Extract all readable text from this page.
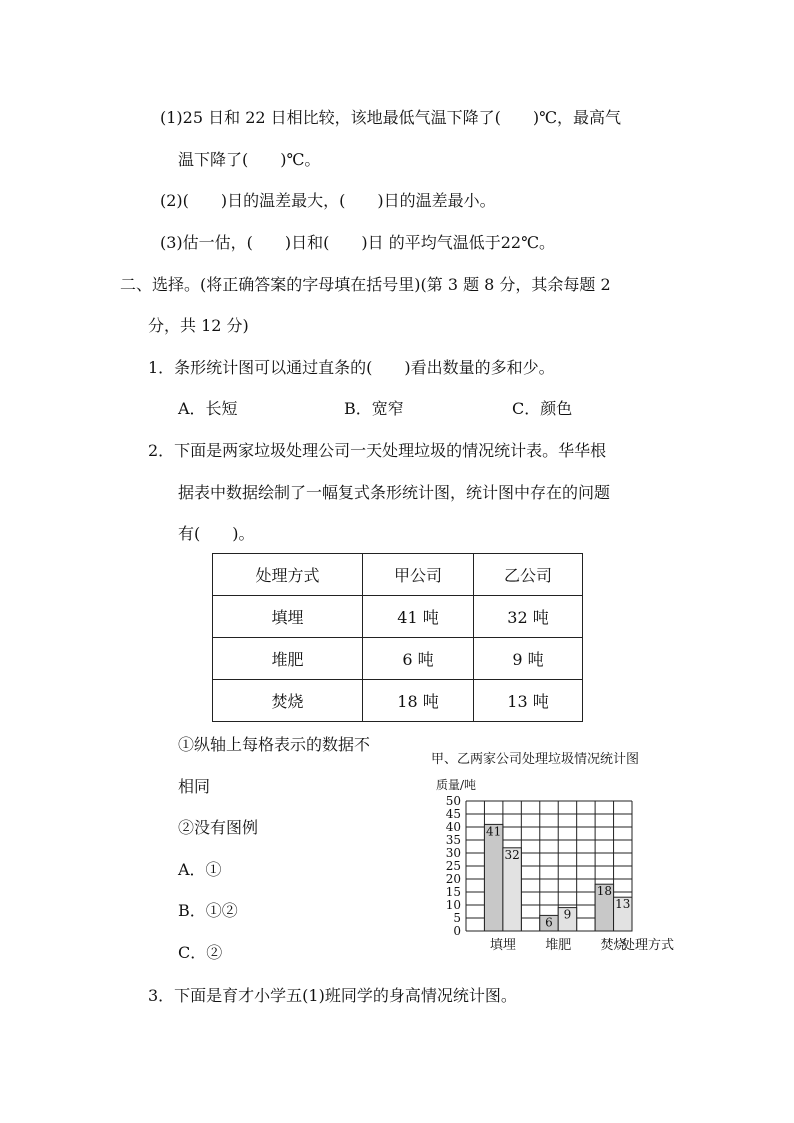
(1)25 日和 22 日相比较，该地最低气温下降了(　　)℃，最高气
温下降了(　　)℃。
(2)(　　)日的温差最大，(　　)日的温差最小。
(3)估一估，(　　)日和(　　)日 的平均气温低于22℃。
二、选择。(将正确答案的字母填在括号里)(第 3 题 8 分，其余每题 2
分，共 12 分)
1．条形统计图可以通过直条的(　　)看出数量的多和少。
A．长短	B．宽窄	C．颜色
2．下面是两家垃圾处理公司一天处理垃圾的情况统计表。华华根
据表中数据绘制了一幅复式条形统计图，统计图中存在的问题
有(　　)。
处理方式	甲公司	乙公司
填埋	41 吨	32 吨
堆肥	6 吨	9 吨
焚烧	18 吨	13 吨
①纵轴上每格表示的数据不
相同
②没有图例
A．①
B．①②
C．②
甲、乙两家公司处理垃圾情况统计图
质量/吨
处理方式
0
5
10
15
20
25
30
35
40
45
50
41
32
填埋
6
9
堆肥
18
13
焚烧
3．下面是育才小学五(1)班同学的身高情况统计图。
